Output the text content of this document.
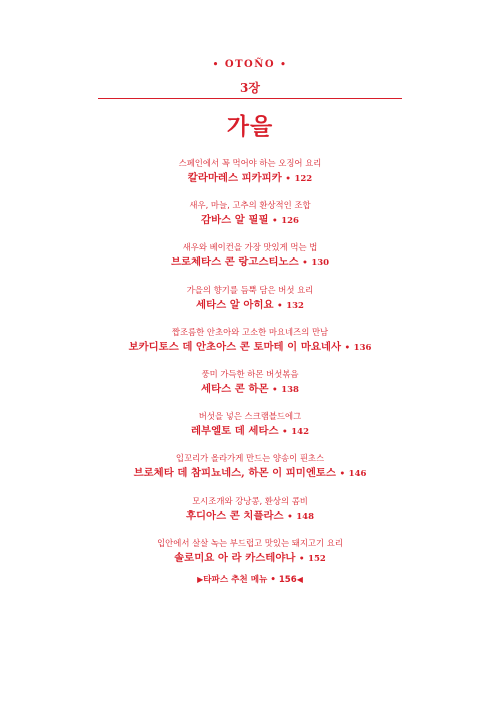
• OTOÑO •
3장
가을
스페인에서 꼭 먹어야 하는 오징어 요리
칼라마레스 피카피카 • 122
새우, 마늘, 고추의 환상적인 조합
감바스 알 필필 • 126
새우와 베이컨을 가장 맛있게 먹는 법
브로체타스 콘 랑고스티노스 • 130
가을의 향기를 듬뿍 담은 버섯 요리
세타스 알 아히요 • 132
짭조름한 안초아와 고소한 마요네즈의 만남
보카디토스 데 안초아스 콘 토마테 이 마요네사 • 136
풍미 가득한 하몬 버섯볶음
세타스 콘 하몬 • 138
버섯을 넣은 스크램블드에그
레부엘토 데 세타스 • 142
입꼬리가 올라가게 만드는 양송이 핀초스
브로체타 데 참피뇨네스, 하몬 이 피미엔토스 • 146
모시조개와 강낭콩, 환상의 콤비
후디아스 콘 치플라스 • 148
입안에서 살살 녹는 부드럽고 맛있는 돼지고기 요리
솔로미요 아 라 카스테야나 • 152
▶타파스 추천 메뉴 • 156◀
